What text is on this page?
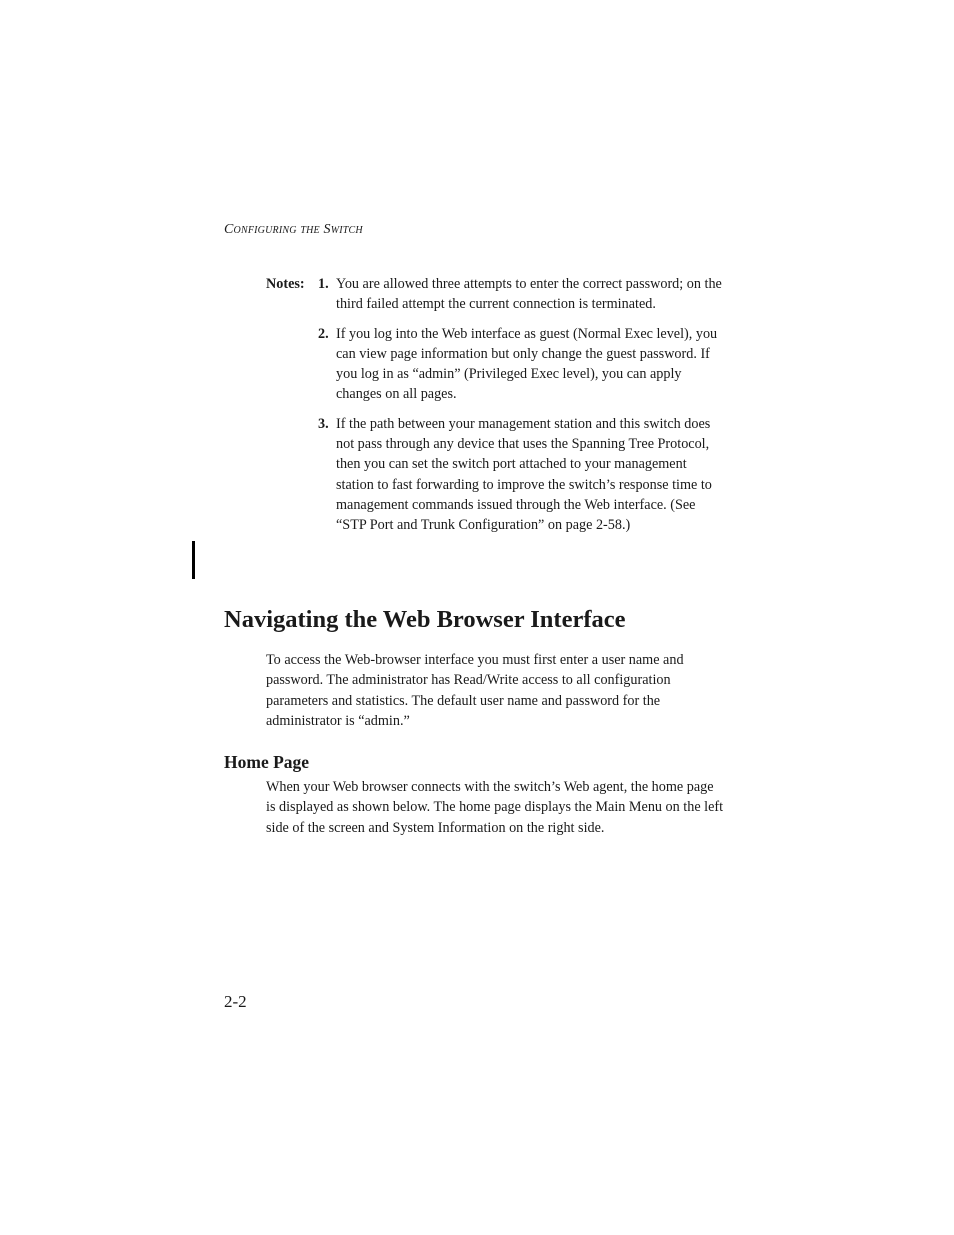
Configuring the Switch
Notes: 1. You are allowed three attempts to enter the correct password; on the third failed attempt the current connection is terminated.
2. If you log into the Web interface as guest (Normal Exec level), you can view page information but only change the guest password. If you log in as “admin” (Privileged Exec level), you can apply changes on all pages.
3. If the path between your management station and this switch does not pass through any device that uses the Spanning Tree Protocol, then you can set the switch port attached to your management station to fast forwarding to improve the switch’s response time to management commands issued through the Web interface. (See “STP Port and Trunk Configuration” on page 2-58.)
Navigating the Web Browser Interface

To access the Web-browser interface you must first enter a user name and password. The administrator has Read/Write access to all configuration parameters and statistics. The default user name and password for the administrator is “admin.”

Home Page

When your Web browser connects with the switch’s Web agent, the home page is displayed as shown below. The home page displays the Main Menu on the left side of the screen and System Information on the right side.

2-2
